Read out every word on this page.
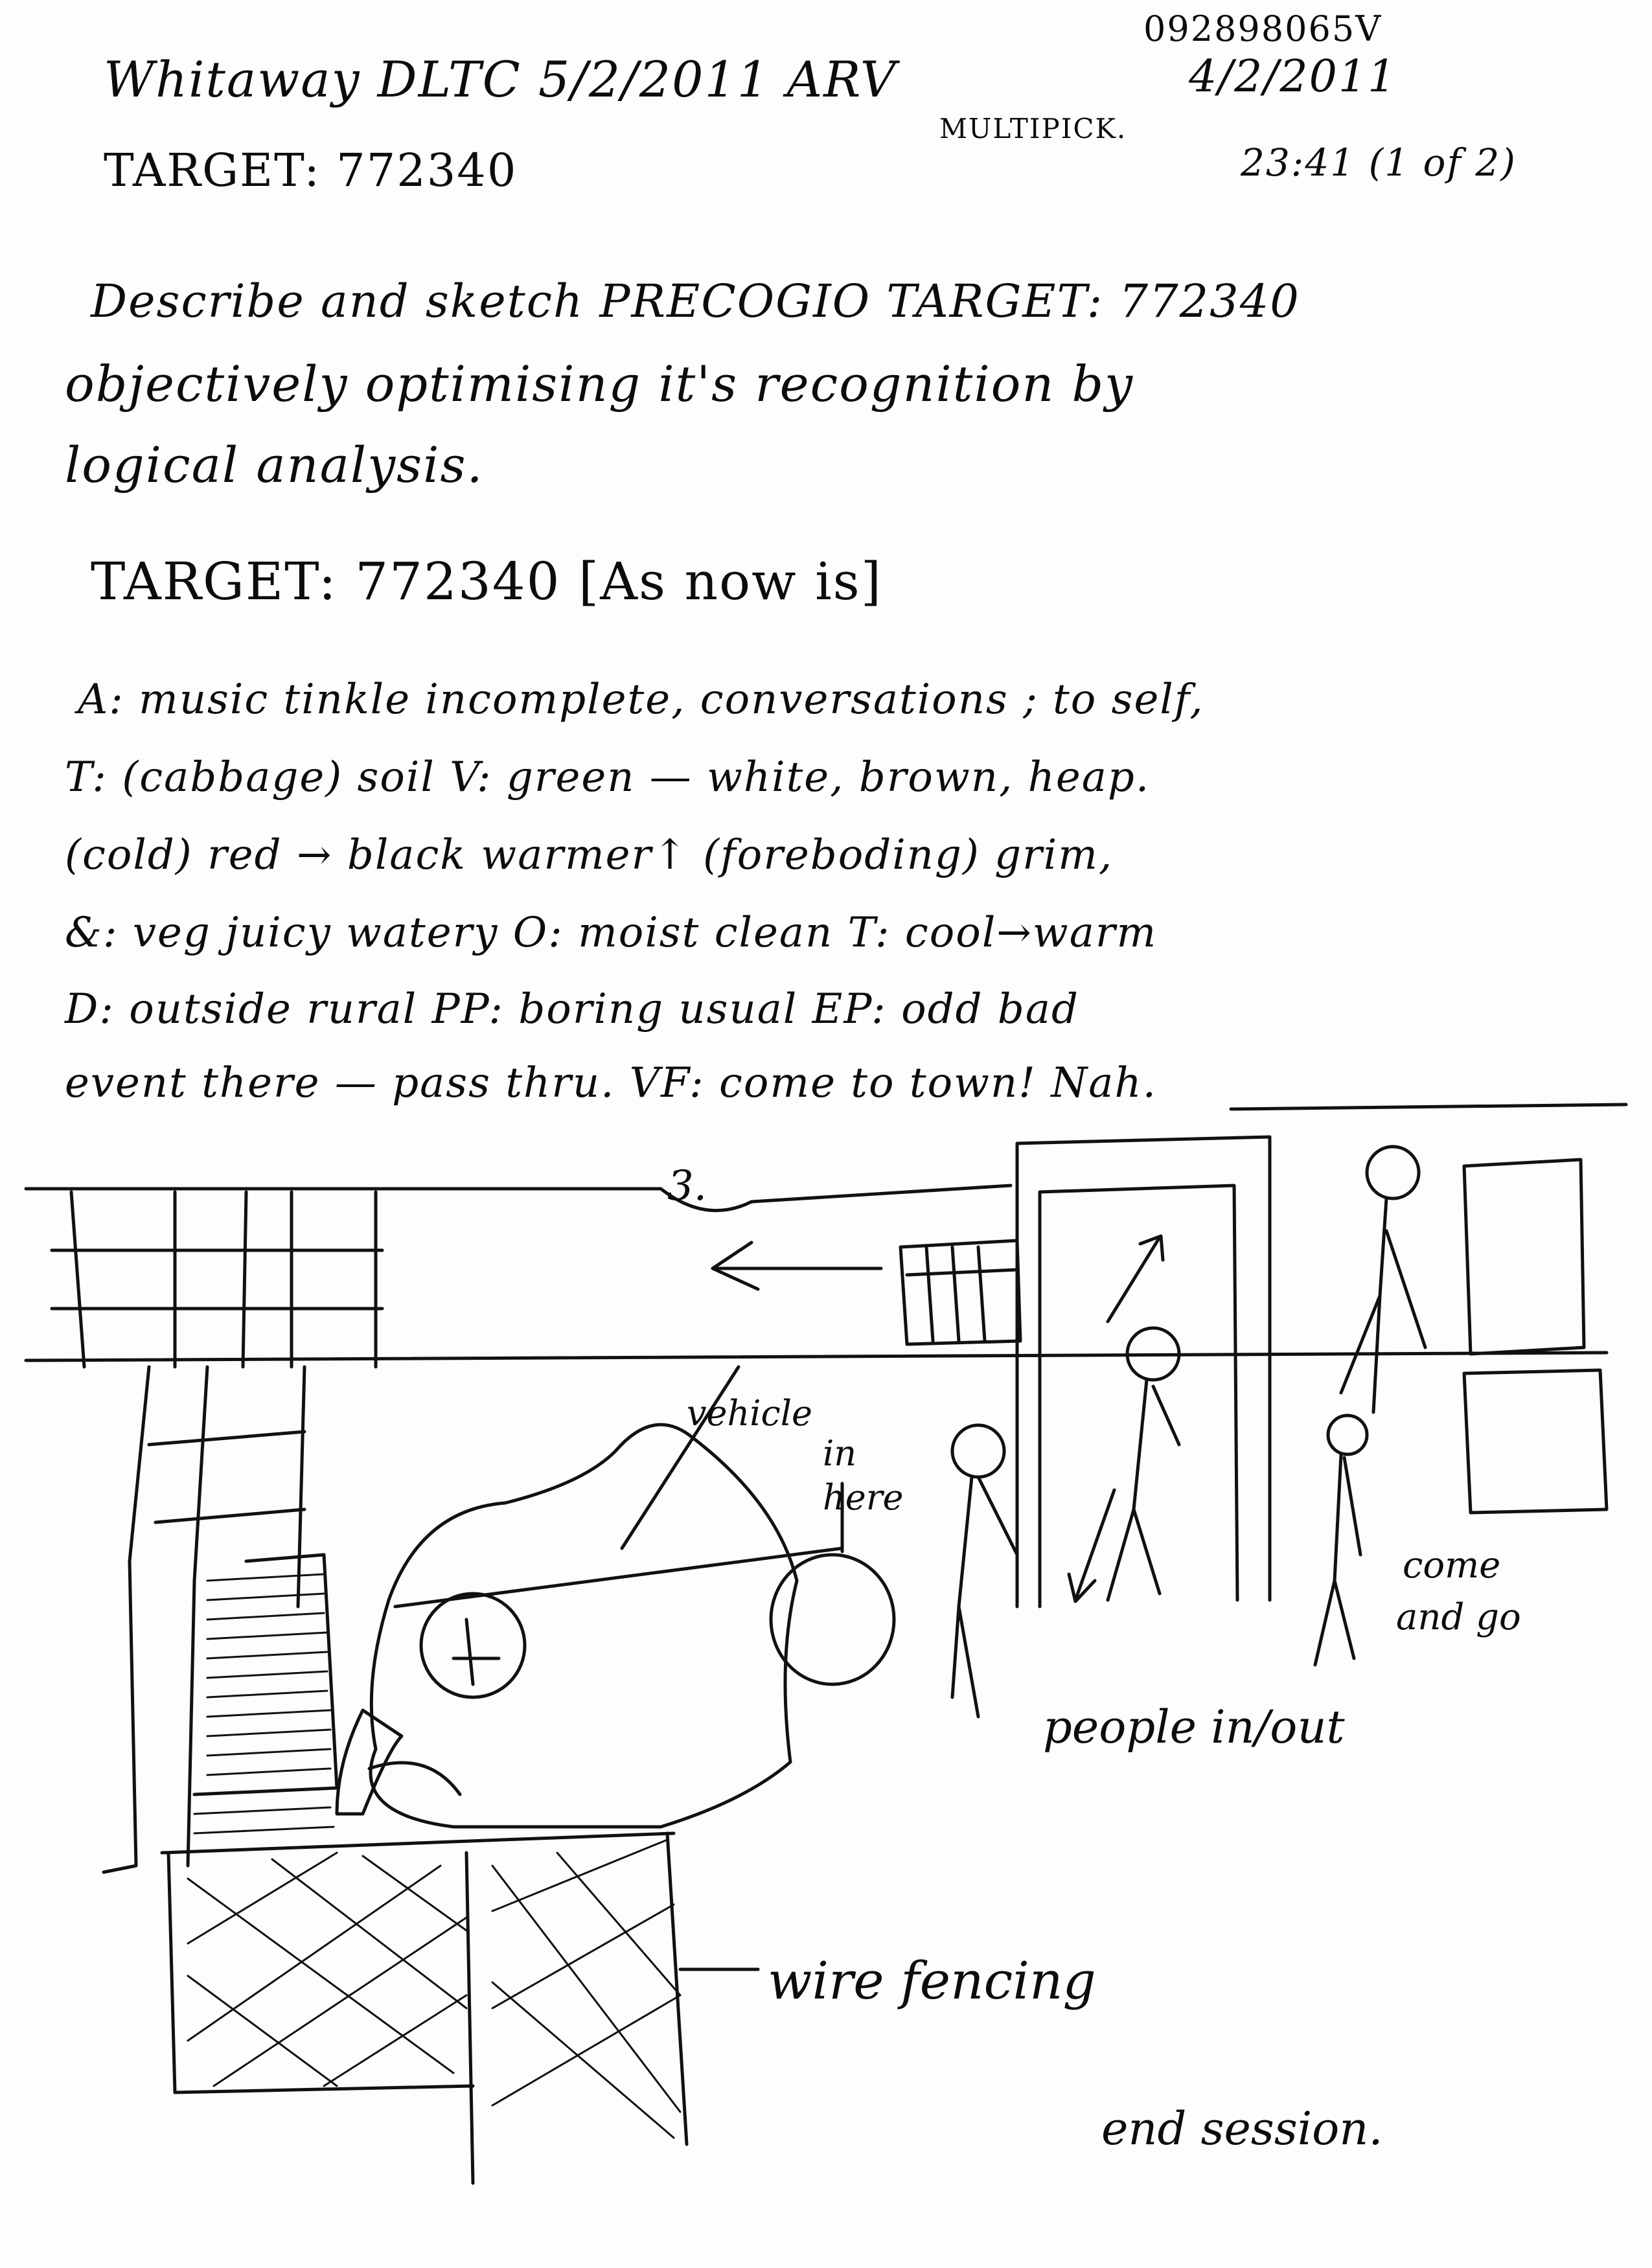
Whitaway DLTC 5/2/2011 ARV
092898065V
4/2/2011
MULTIPICK.
23:41 (1 of 2)
TARGET: 772340
Describe and sketch PRECOGIO TARGET: 772340
objectively optimising it's recognition by
logical analysis.
TARGET: 772340 [As now is]
A: music tinkle incomplete, conversations ; to self,
T: (cabbage) soil V: green — white, brown, heap.
(cold) red → black warmer↑ (foreboding) grim,
&: veg juicy watery O: moist clean T: cool→warm
D: outside rural PP: boring usual EP: odd bad
event there — pass thru. VF: come to town! Nah.
3.
vehicle
in
here
come
and go
people in/out
wire fencing
end session.
